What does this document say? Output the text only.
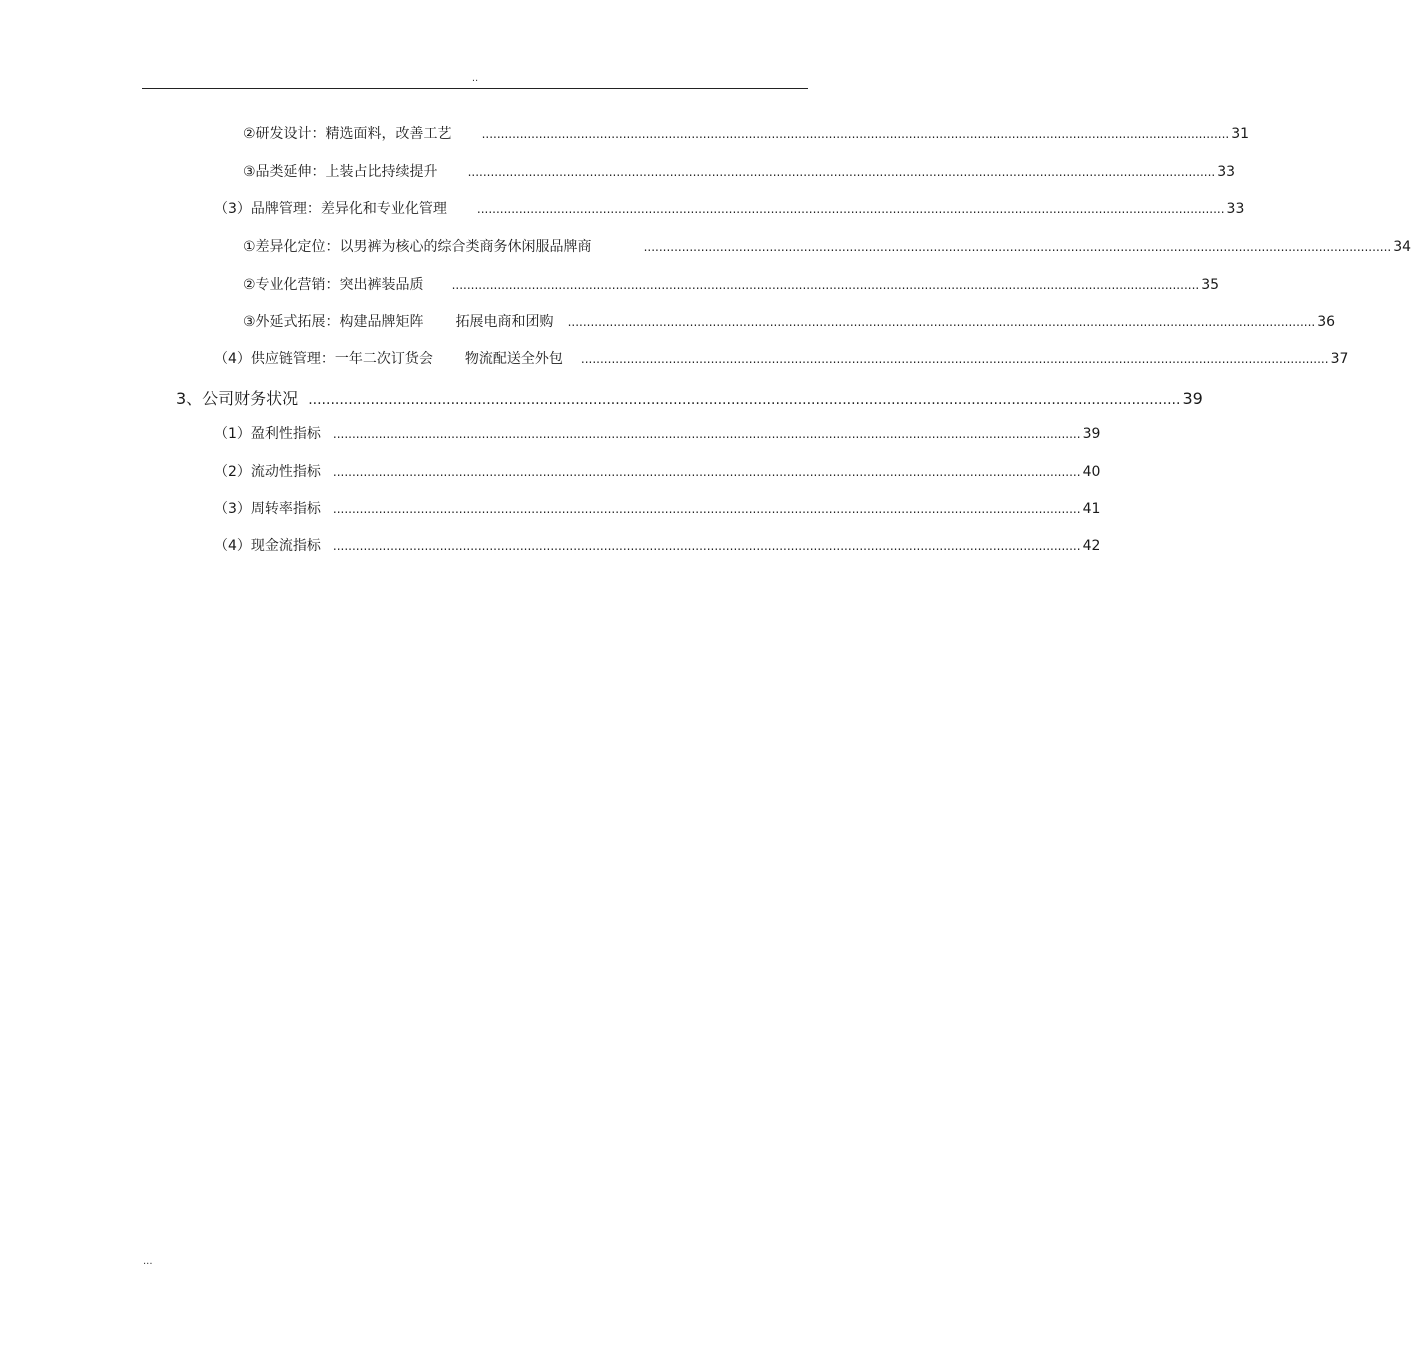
..
②研发设计：精选面料，改善工艺	.................................................................................................................................................................................................... 31
③品类延伸：上装占比持续提升	.................................................................................................................................................................................................... 33
（3）品牌管理：差异化和专业化管理	.................................................................................................................................................................................................... 33
①差异化定位：以男裤为核心的综合类商务休闲服品牌商	.................................................................................................................................................................................................... 34
②专业化营销：突出裤装品质 .................................................................................................................................................................................................... 35
③外延式拓展：构建品牌矩阵 拓展电商和团购 .................................................................................................................................................................................................... 36
（4）供应链管理：一年二次订货会 物流配送全外包 .................................................................................................................................................................................................... 37
3、公司财务状况 .................................................................................................................................................................................................... 39
（1）盈利性指标 .................................................................................................................................................................................................... 39
（2）流动性指标 .................................................................................................................................................................................................... 40
（3）周转率指标 .................................................................................................................................................................................................... 41
（4）现金流指标 .................................................................................................................................................................................................... 42
...
